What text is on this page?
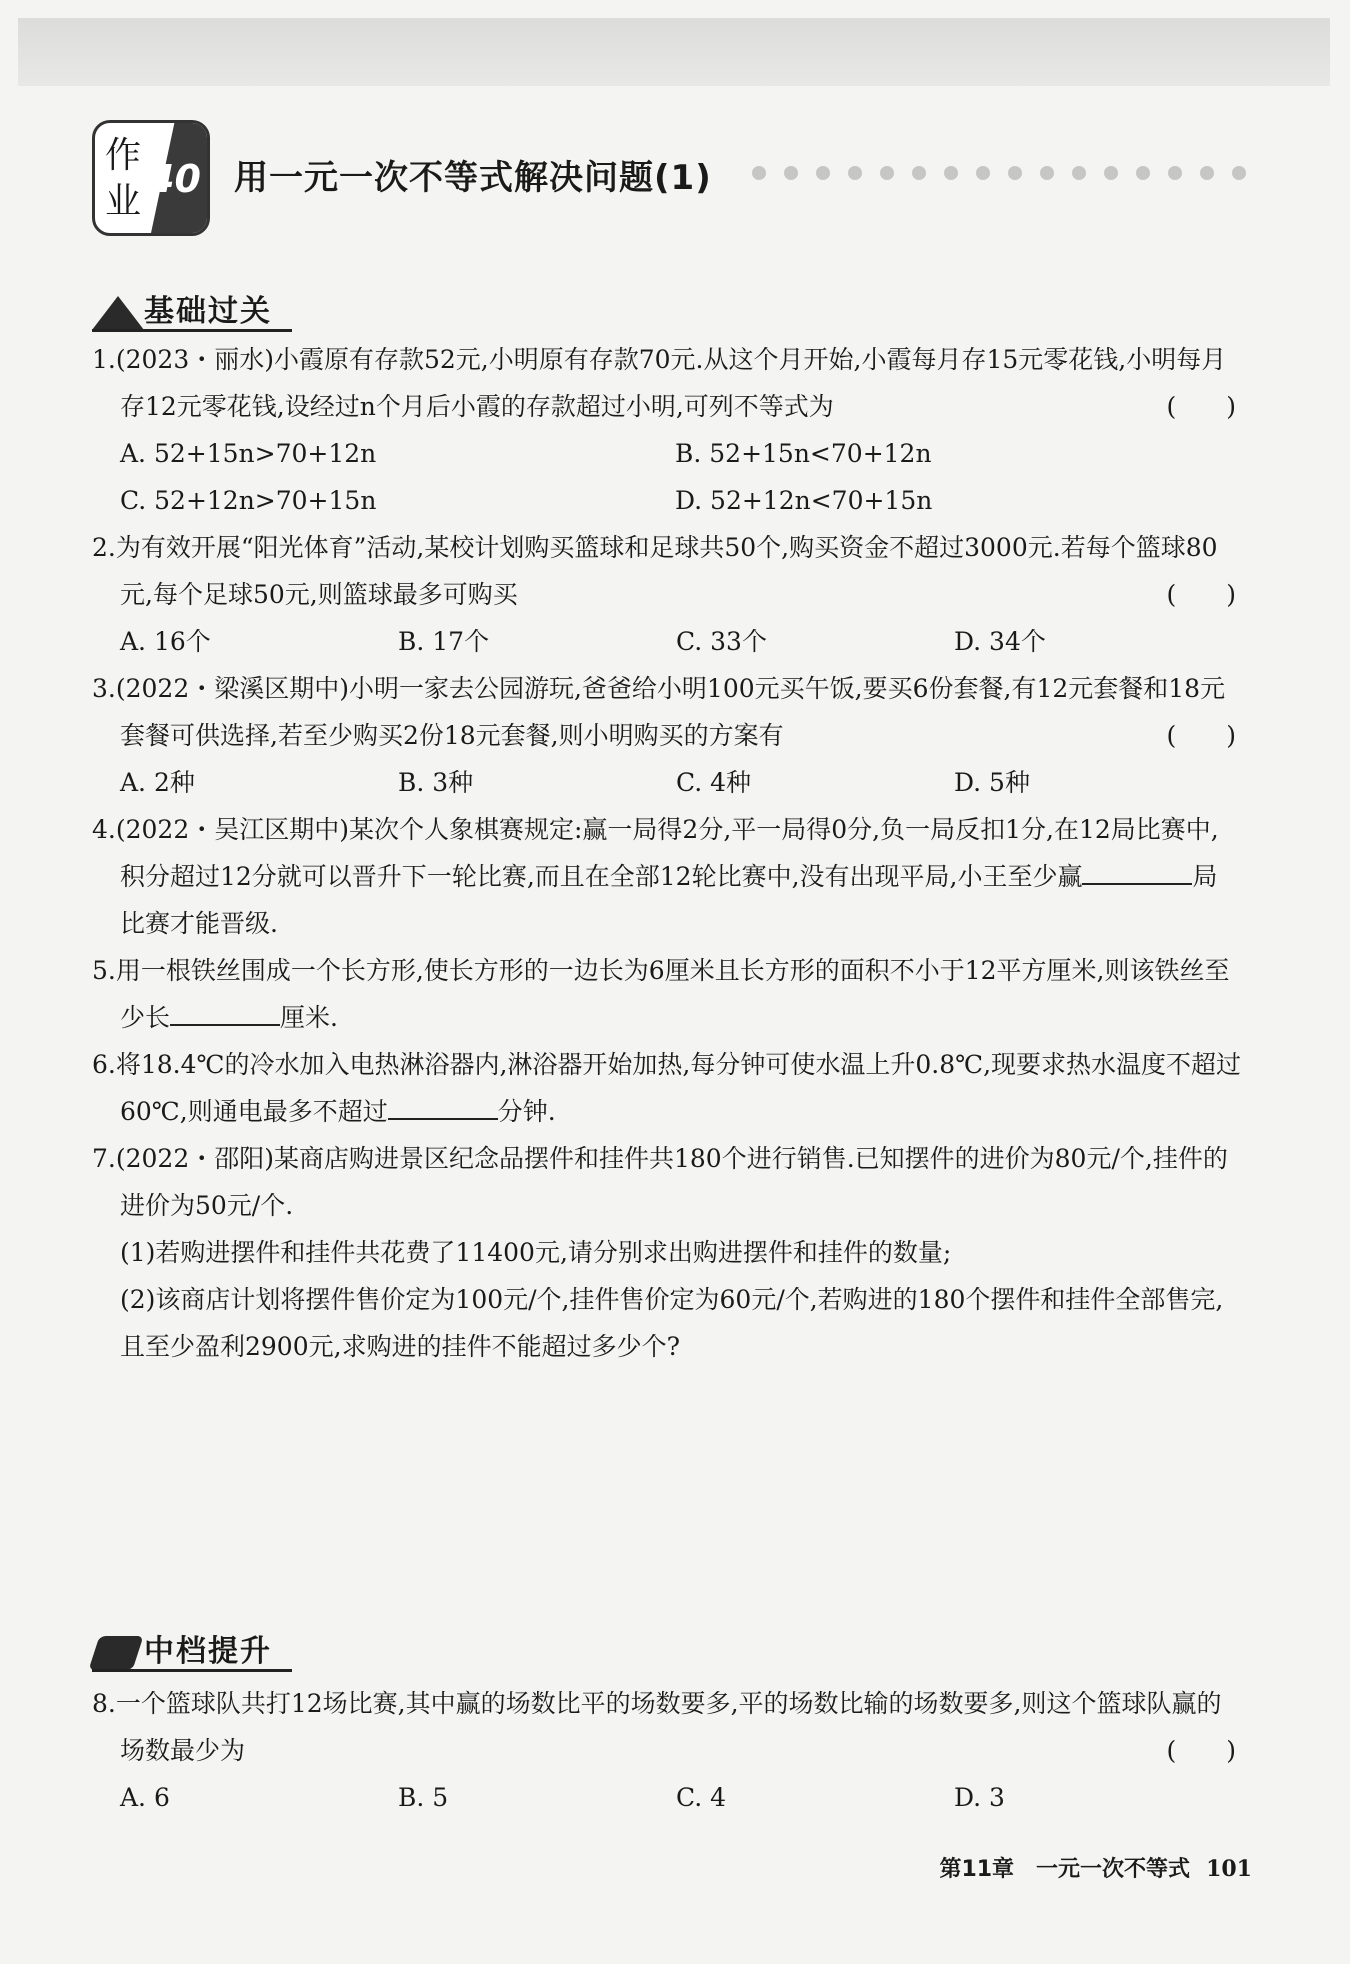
作
业
40 用一元一次不等式解决问题(1)
基础过关
1.(2023・丽水)小霞原有存款52元,小明原有存款70元.从这个月开始,小霞每月存15元零花钱,小明每月存12元零花钱,设经过n个月后小霞的存款超过小明,可列不等式为	(　　)
A. 52+15n>70+12n	B. 52+15n<70+12n
C. 52+12n>70+15n	D. 52+12n<70+15n
2.为有效开展“阳光体育”活动,某校计划购买篮球和足球共50个,购买资金不超过3000元.若每个篮球80元,每个足球50元,则篮球最多可购买	(　　)
A. 16个	B. 17个	C. 33个	D. 34个
3.(2022・梁溪区期中)小明一家去公园游玩,爸爸给小明100元买午饭,要买6份套餐,有12元套餐和18元套餐可供选择,若至少购买2份18元套餐,则小明购买的方案有	(　　)
A. 2种	B. 3种	C. 4种	D. 5种
4.(2022・吴江区期中)某次个人象棋赛规定:赢一局得2分,平一局得0分,负一局反扣1分,在12局比赛中,积分超过12分就可以晋升下一轮比赛,而且在全部12轮比赛中,没有出现平局,小王至少赢	局比赛才能晋级.
5.用一根铁丝围成一个长方形,使长方形的一边长为6厘米且长方形的面积不小于12平方厘米,则该铁丝至少长	厘米.
6.将18.4℃的冷水加入电热淋浴器内,淋浴器开始加热,每分钟可使水温上升0.8℃,现要求热水温度不超过60℃,则通电最多不超过	分钟.
7.(2022・邵阳)某商店购进景区纪念品摆件和挂件共180个进行销售.已知摆件的进价为80元/个,挂件的进价为50元/个.
(1)若购进摆件和挂件共花费了11400元,请分别求出购进摆件和挂件的数量;
(2)该商店计划将摆件售价定为100元/个,挂件售价定为60元/个,若购进的180个摆件和挂件全部售完,且至少盈利2900元,求购进的挂件不能超过多少个?
中档提升
8.一个篮球队共打12场比赛,其中赢的场数比平的场数要多,平的场数比输的场数要多,则这个篮球队赢的场数最少为	(　　)
A. 6	B. 5	C. 4	D. 3
第11章　一元一次不等式 101
